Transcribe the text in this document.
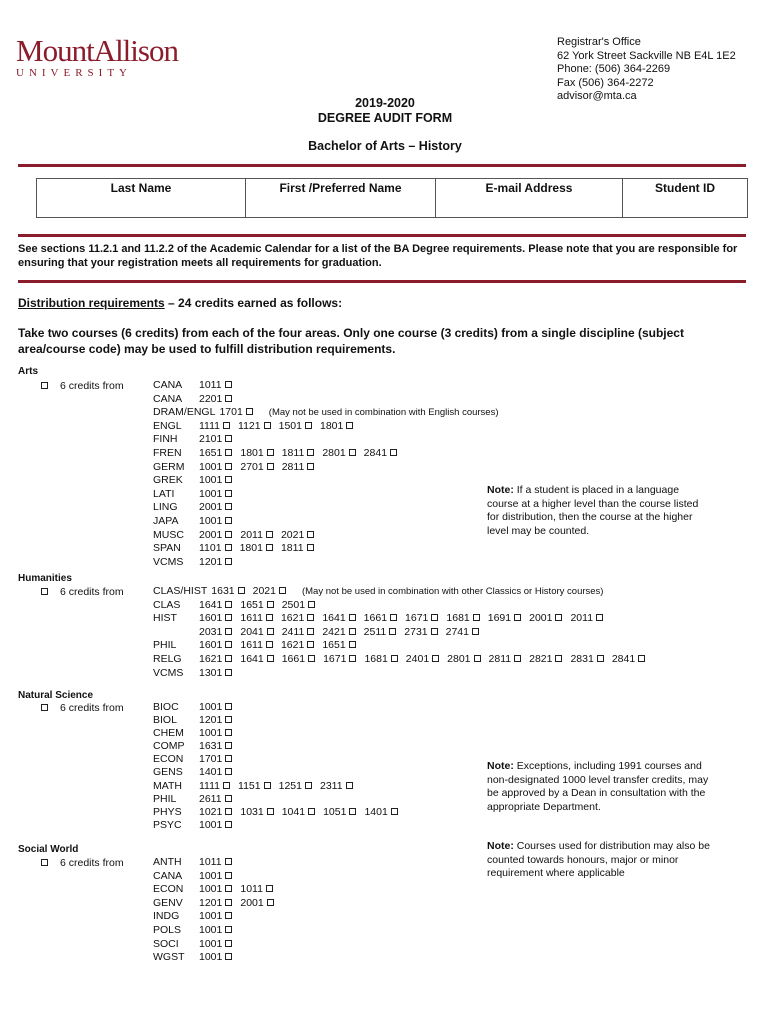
MountAllison
UNIVERSITY
Registrar's Office
62 York Street Sackville NB E4L 1E2
Phone: (506) 364-2269
Fax (506) 364-2272
advisor@mta.ca
2019-2020
DEGREE AUDIT FORM
Bachelor of Arts – History
Last Name	First /Preferred Name	E-mail Address	Student ID
See sections 11.2.1 and 11.2.2 of the Academic Calendar for a list of the BA Degree requirements. Please note that you are responsible for ensuring that your registration meets all requirements for graduation.
Distribution requirements – 24 credits earned as follows:
Take two courses (6 credits) from each of the four areas. Only one course (3 credits) from a single discipline (subject area/course code) may be used to fulfill distribution requirements.
Arts
6 credits from	CANA 1011
CANA 2201
DRAM/ENGL 1701	(May not be used in combination with English courses)
ENGL 1111 1121 1501 1801
FINH 2101
FREN 1651 1801 1811 2801 2841
GERM 1001 2701 2811
GREK 1001
LATI 1001
LING 2001
JAPA 1001
MUSC 2001 2011 2021
SPAN 1101 1801 1811
VCMS 1201
Humanities
6 credits from	CLAS/HIST 1631 2021	(May not be used in combination with other Classics or History courses)
CLAS 1641 1651 2501
HIST 1601 1611 1621 1641 1661 1671 1681 1691 2001 2011
2031 2041 2411 2421 2511 2731 2741
PHIL 1601 1611 1621 1651
RELG 1621 1641 1661 1671 1681 2401 2801 2811 2821 2831 2841
VCMS 1301
Natural Science
6 credits from	BIOC 1001
BIOL 1201
CHEM 1001
COMP 1631
ECON 1701
GENS 1401
MATH 1111 1151 1251 2311
PHIL 2611
PHYS 1021 1031 1041 1051 1401
PSYC 1001
Social World
6 credits from	ANTH 1011
CANA 1001
ECON 1001 1011
GENV 1201 2001
INDG 1001
POLS 1001
SOCI 1001
WGST 1001
Note: If a student is placed in a language course at a higher level than the course listed for distribution, then the course at the higher level may be counted.
Note: Exceptions, including 1991 courses and non-designated 1000 level transfer credits, may be approved by a Dean in consultation with the appropriate Department.
Note: Courses used for distribution may also be counted towards honours, major or minor requirement where applicable
